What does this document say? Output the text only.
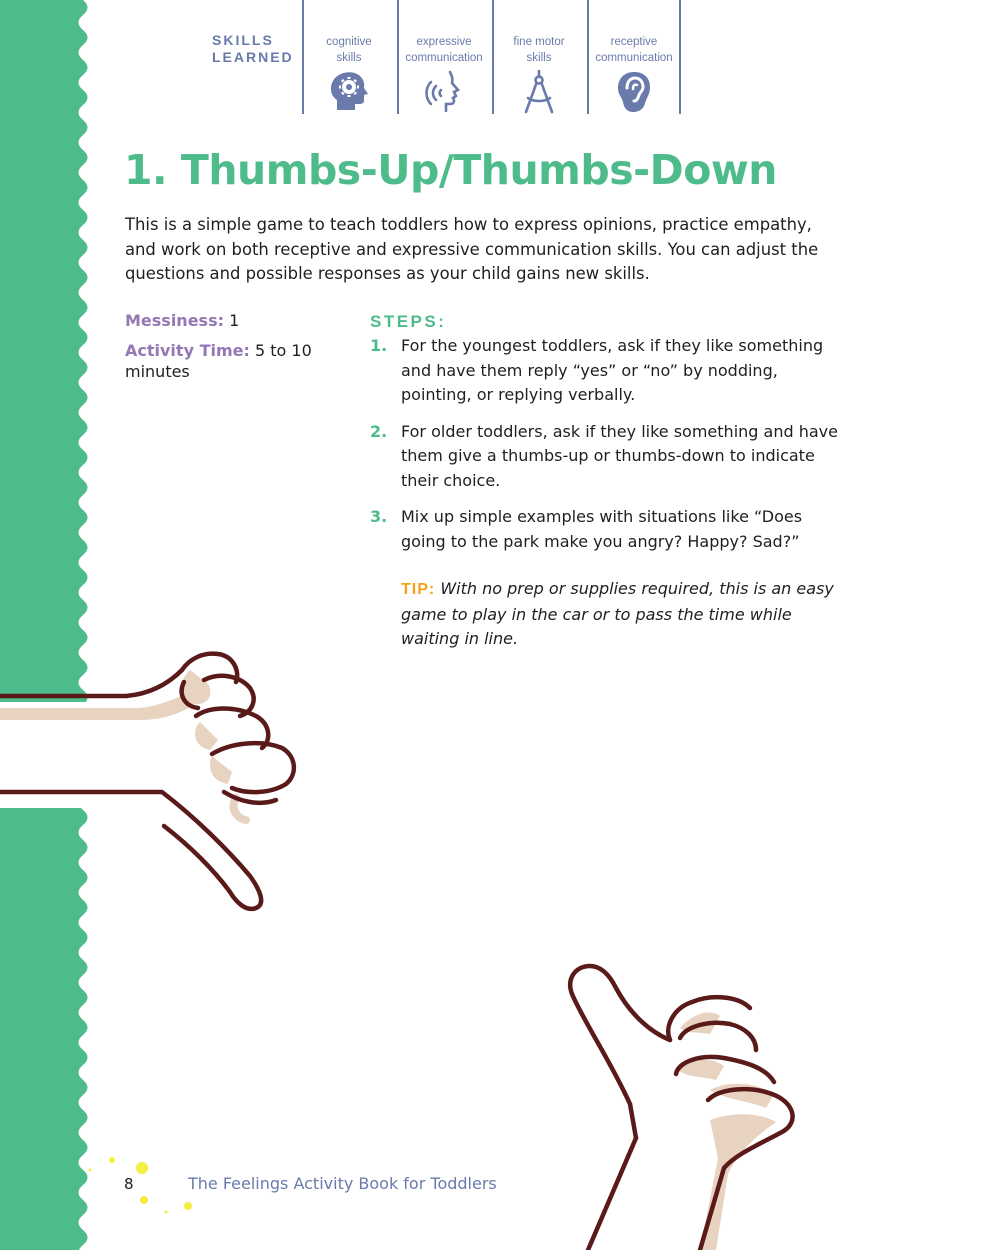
SKILLS
LEARNED
cognitive
skills
expressive
communication
fine motor
skills
receptive
communication
1. Thumbs-Up/Thumbs-Down

This is a simple game to teach toddlers how to express opinions, practice empathy, and work on both receptive and expressive communication skills. You can adjust the questions and possible responses as your child gains new skills.

Messiness: 1

Activity Time: 5 to 10 minutes

STEPS:
1. For the youngest toddlers, ask if they like something and have them reply “yes” or “no” by nodding, pointing, or replying verbally.
2. For older toddlers, ask if they like something and have them give a thumbs-up or thumbs-down to indicate their choice.
3. Mix up simple examples with situations like “Does going to the park make you angry? Happy? Sad?”

TIP: With no prep or supplies required, this is an easy game to play in the car or to pass the time while waiting in line.

8	The Feelings Activity Book for Toddlers
